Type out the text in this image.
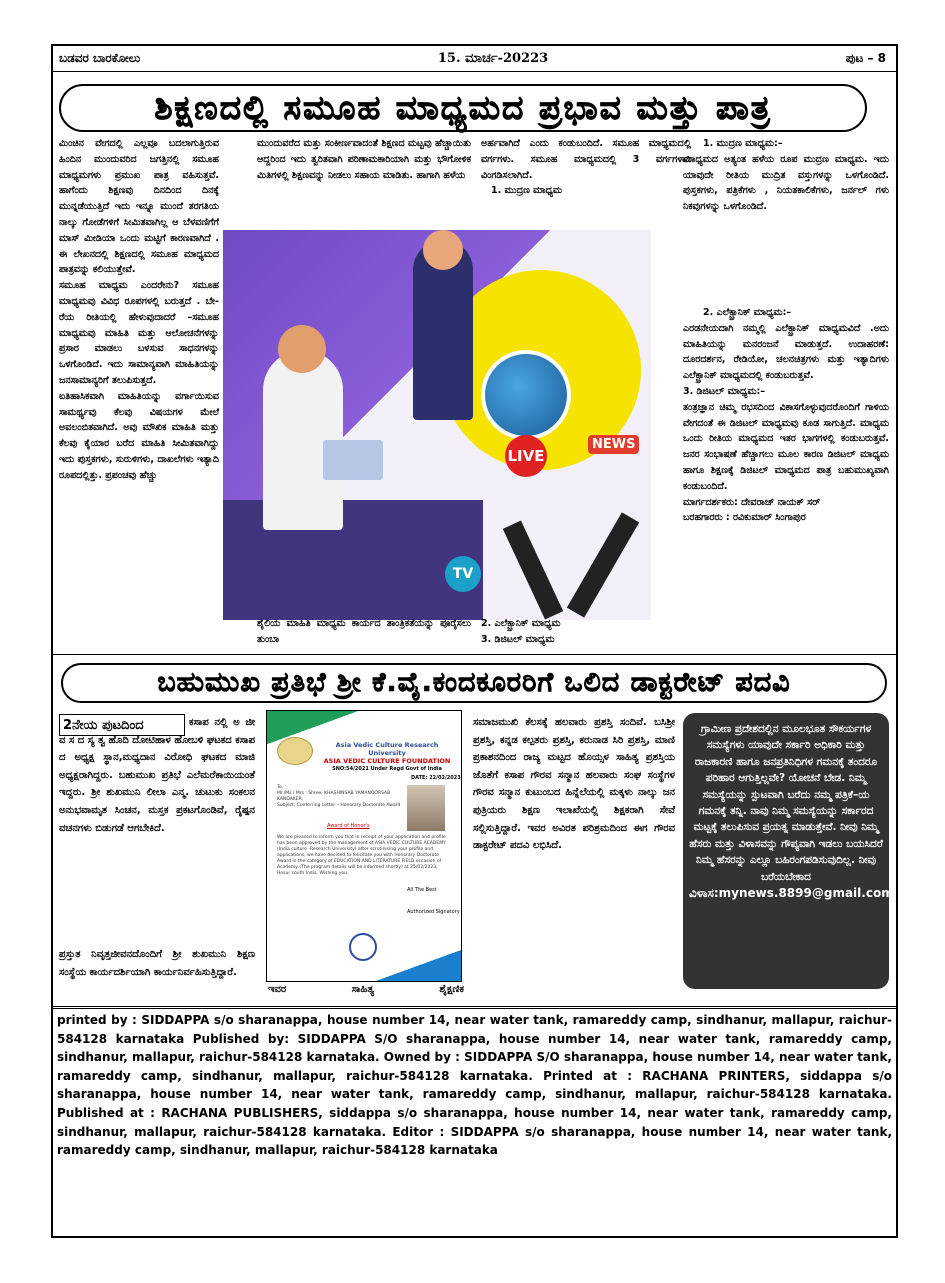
ಬಡವರ ಬಾರಕೋಲು	15. ಮಾರ್ಚ-20223	ಪುಟ – 8
ಶಿಕ್ಷಣದಲ್ಲಿ ಸಮೂಹ ಮಾಧ್ಯಮದ ಪ್ರಭಾವ ಮತ್ತು ಪಾತ್ರ

ಮಿಂಚಿನ ವೇಗದಲ್ಲಿ ಎಲ್ಲವೂ ಬದಲಾಗುತ್ತಿರುವ ಹಿಂದಿನ ಮುಂದುವರಿದ ಜಗತ್ತಿನಲ್ಲಿ ಸಮೂಹ ಮಾಧ್ಯಮಗಳು ಪ್ರಮುಖ ಪಾತ್ರ ವಹಿಸುತ್ತವೆ. ಹಾಗೆಂದು ಶಿಕ್ಷಣವು ದಿನದಿಂದ ದಿನಕ್ಕೆ ಮುನ್ನಡೆಯುತ್ತಿದೆ ಇದು ಇನ್ನೂ ಮುಂದೆ ತರಗತಿಯ ನಾಲ್ಕು ಗೋಡೆಗಳಿಗೆ ಸೀಮಿತವಾಗಿಲ್ಲ ಆ ಬೆಳವಣಿಗೆಗೆ ಮಾಸ್ ಮೀಡಿಯಾ ಒಂದು ಮಟ್ಟಿಗೆ ಕಾರಣವಾಗಿದೆ . ಈ ಲೇಖನದಲ್ಲಿ ಶಿಕ್ಷಣದಲ್ಲಿ ಸಮೂಹ ಮಾಧ್ಯಮದ ಪಾತ್ರವನ್ನು ಕಲಿಯುತ್ತೇವೆ.

ಸಮೂಹ ಮಾಧ್ಯಮ ಎಂದರೇನು? ಸಮೂಹ ಮಾಧ್ಯಮವು ವಿವಿಧ ರೂಪಗಳಲ್ಲಿ ಬರುತ್ತದೆ . ಬೇ-ರೆಯ ರೀತಿಯಲ್ಲಿ ಹೇಳುವುದಾದರೆ –ಸಮೂಹ ಮಾಧ್ಯಮವು ಮಾಹಿತಿ ಮತ್ತು ಆಲೋಚನೆಗಳನ್ನು ಪ್ರಸಾರ ಮಾಡಲು ಬಳಸುವ ಸಾಧನಗಳನ್ನು ಒಳಗೊಂಡಿದೆ. ಇದು ಸಾಮಾನ್ಯವಾಗಿ ಮಾಹಿತಿಯನ್ನು ಜನಸಾಮಾನ್ಯರಿಗೆ ತಲುಪಿಸುತ್ತದೆ.

ಐತಿಹಾಸಿಕವಾಗಿ ಮಾಹಿತಿಯನ್ನು ವರ್ಗಾಯಿಸುವ ಸಾಮರ್ಥ್ಯವು ಕೆಲವು ವಿಷಯಗಳ ಮೇಲೆ ಅವಲಂಬಿತವಾಗಿದೆ. ಅವು ಮೌಖಿಕ ಮಾಹಿತಿ ಮತ್ತು ಕೆಲವು ಕೈಯಾರ ಬರೆದ ಮಾಹಿತಿ ಸೀಮಿತವಾಗಿದ್ದು ಇದು ಪುಸ್ತಕಗಳು, ಸುರುಳಿಗಳು, ದಾಖಲೆಗಳು ಇತ್ಯಾದಿ ರೂಪದಲ್ಲಿತ್ತು. ಪ್ರಪಂಚವು ಹೆಚ್ಚು

ಮುಂದುವರೆದ ಮತ್ತು ಸಂಕೀರ್ಣವಾದಂತೆ ಶಿಕ್ಷಣದ ಮಟ್ಟವು ಹೆಚ್ಚಾಯಿತು ಆದ್ದರಿಂದ ಇದು ತ್ವರಿತವಾಗಿ ಪರಿಣಾಮಕಾರಿಯಾಗಿ ಮತ್ತು ಭೌಗೋಳಿಕ ಮಿತಿಗಳಲ್ಲಿ ಶಿಕ್ಷಣವನ್ನು ನೀಡಲು ಸಹಾಯ ಮಾಡಿತು. ಹಾಗಾಗಿ ಹಳೆಯ

ಅರ್ಹವಾಗಿದೆ ಎಂದು ಕಂಡುಬಂದಿದೆ. ಸಮೂಹ ಮಾಧ್ಯಮದಲ್ಲಿ ವರ್ಗಗಳು. ಸಮೂಹ ಮಾಧ್ಯಮದಲ್ಲಿ 3 ವರ್ಗಗಳಾಗಿ ವಿಂಗಡಿಸಲಾಗಿದೆ.

1. ಮುದ್ರಣ ಮಾಧ್ಯಮ

LIVE
NEWS
TV

ಶೈಲಿಯ ಮಾಹಿತಿ ಮಾಧ್ಯಮ ಕಾರ್ಯದ ತಾಂತ್ರಿಕತೆಯನ್ನು ಪೂರೈಸಲು ತುಂಬಾ

2. ಎಲೆಕ್ಟ್ರಾನಿಕ್ ಮಾಧ್ಯಮ

3. ಡಿಜಿಟಲ್ ಮಾಧ್ಯಮ

1. ಮುದ್ರಣ ಮಾಧ್ಯಮ:–

ಮಾಧ್ಯಮದ ಅತ್ಯಂತ ಹಳೆಯ ರೂಪ ಮುದ್ರಣ ಮಾಧ್ಯಮ. ಇದು ಯಾವುದೇ ರೀತಿಯ ಮುದ್ರಿತ ವಸ್ತುಗಳನ್ನು ಒಳಗೊಂಡಿದೆ. ಪುಸ್ತಕಗಳು, ಪತ್ರಿಕೆಗಳು , ನಿಯತಕಾಲಿಕೆಗಳು, ಜರ್ನಲ್ ಗಳು ನಿಕವುಗಳನ್ನು ಒಳಗೊಂಡಿದೆ.

2. ಎಲೆಕ್ಟ್ರಾನಿಕ್ ಮಾಧ್ಯಮ:–

ಎರಡನೇಯದಾಗಿ ನಮ್ಮಲ್ಲಿ ಎಲೆಕ್ಟ್ರಾನಿಕ್ ಮಾಧ್ಯಮವಿದೆ .ಅದು ಮಾಹಿತಿಯನ್ನು ಮನರಂಜನೆ ಮಾಡುತ್ತದೆ. ಉದಾಹರಣೆ: ದೂರದರ್ಶನ, ರೇಡಿಯೋ, ಚಲನಚಿತ್ರಗಳು ಮತ್ತು ಇತ್ಯಾದಿಗಳು ಎಲೆಕ್ಟ್ರಾನಿಕ್ ಮಾಧ್ಯಮದಲ್ಲಿ ಕಂಡುಬರುತ್ತವೆ.

3. ಡಿಜಿಟಲ್ ಮಾಧ್ಯಮ:–

ತಂತ್ರಜ್ಞಾನ ಚಿಮ್ಮ ರಭಸದಿಂದ ವಿಕಾಸಗೊಳ್ಳುವುದರೊಂದಿಗೆ ಗಾಳಿಯ ವೇಗದಂತೆ ಈ ಡಿಜಿಟಲ್ ಮಾಧ್ಯಮವು ಕೂಡ ಸಾಗುತ್ತಿದೆ. ಮಾಧ್ಯಮ ಒಂದು ರೀತಿಯ ಮಾಧ್ಯಮದ ಇತರ ಭಾಗಗಳಲ್ಲಿ ಕಂಡುಬರುತ್ತವೆ. ಜನರ ಸಂಭಾಷಣೆ ಹೆಚ್ಚಾಗಲು ಮೂಲ ಕಾರಣ ಡಿಜಿಟಲ್ ಮಾಧ್ಯಮ ಹಾಗೂ ಶಿಕ್ಷಣಕ್ಕೆ ಡಿಜಿಟಲ್ ಮಾಧ್ಯಮದ ಪಾತ್ರ ಬಹುಮುಖ್ಯವಾಗಿ ಕಂಡುಬಂದಿದೆ.

ಮಾರ್ಗದರ್ಶಕರು: ದೇವರಾಜ್ ನಾಯಕ್ ಸರ್

ಬರಹಗಾರರು : ರವಿಕುಮಾರ್ ಸಿಂಗಾಪುರ

ಬಹುಮುಖ ಪ್ರತಿಭೆ ಶ್ರೀ ಕೆ.ವೈ.ಕಂದಕೂರರಿಗೆ ಒಲಿದ ಡಾಕ್ಟರೇಟ್ ಪದವಿ
2ನೇಯ ಪುಟದಿಂದ	ಕಸಾಪ ನಲ್ಲಿ ಅ ಜೀ ವ ಸ ದ ಸ್ಯ ತ್ವ ಹೊದಿ ದೋಟಿಹಾಳ ಹೋಬಳಿ ಘಟಕದ ಕಸಾಪ ದ ಅಧ್ಯಕ್ಷ ಸ್ಥಾನ,ಮಧ್ಯದಾನ ವಿರೋಧಿ ಘಟಕದ ಮಾಜಿ ಅಧ್ಯಕ್ಷರಾಗಿದ್ದರು. ಬಹುಮುಖ ಪ್ರತಿಭೆ ಎಲೆಮರೆಕಾಯಿಯಂತೆ ಇದ್ದರು. ಶ್ರೀ ಶುಖಮುನಿ ಲೀಲಾ ಎನ್ಮ. ಚುಟುಕು ಸಂಕಲನ ಅನುಭವಾಮೃತ ಸಿಂಚನ, ಮಸ್ತಕ ಪ್ರಕಟಗೊಂಡಿವೆ, ರೈಷ್ಪನ ವಚನಗಳು ಬಿಡುಗಡೆ ಆಗಬೇಕಿದೆ.

ಪ್ರಸ್ತುತ ನಿವೃತ್ತಜೀವನದೊಂದಿಗೆ ಶ್ರೀ ಶುಖಮುನಿ ಶಿಕ್ಷಣ ಸಂಸ್ಥೆಯ ಕಾರ್ಯದರ್ಶಿಯಾಗಿ ಕಾರ್ಯನಿರ್ವಹಿಸುತ್ತಿದ್ದಾರೆ.

Asia Vedic Culture Research University
ASIA VEDIC CULTURE FOUNDATION
SNO:54/2021 Under Regd Govt of India
DATE: 22/02/2023
To,
Mr./Ms./ Mrs : Shree. KHASHINSAB YAMANOORSAB KANDAKER,
Subject; Conferring Letter – Honorary Doctorate Award
Award of Honor's
We are pleased to inform you that in receipt of your application and profile has been approved by the management of ASIA VEDIC CULTURE ACADEMY (India culture -Research University) after scrutinising your profile and applications, we have decided to felicitate you with Honorary Doctorate Award in the category of EDUCATION AND LITERATURE FIELD occasion of Academy (The program details will be informed shortly) at 25/02/2023, Hosur south India. Wishing you.
All The Best
Authorized Signatory
ಇವರ	ಸಾಹಿತ್ಯ	ಶೈಕ್ಷಣಿಕ

ಸಮಾಜಮುಖಿ ಕೆಲಸಕ್ಕೆ ಹಲವಾರು ಪ್ರಶಸ್ತಿ ಸಂದಿವೆ. ಬಸಿಶ್ರೀ ಪ್ರಶಸ್ತಿ, ಕನ್ನಡ ಕಲ್ಪತರು ಪ್ರಶಸ್ತಿ, ಕರುನಾಡ ಸಿರಿ ಪ್ರಶಸ್ತಿ, ಮಾಣಿ ಪ್ರಕಾಶನದಿಂದ ರಾಜ್ಯ ಮಟ್ಟದ ಹೊಯ್ಸಳ ಸಾಹಿತ್ಯ ಪ್ರಶಸ್ತಿಯ ಜೊತೆಗೆ ಕಸಾಪ ಗೌರವ ಸನ್ಮಾನ ಹಲವಾರು ಸಂಘ ಸಂಸ್ಥೆಗಳ ಗೌರವ ಸನ್ಮಾನ ಕುಟುಂಬದ ಹಿನ್ನೆಲೆಯಲ್ಲಿ ಮಕ್ಕಳು ನಾಲ್ಕು ಜನ ಪುತ್ರಿಯರು ಶಿಕ್ಷಣ ಇಲಾಖೆಯಲ್ಲಿ ಶಿಕ್ಷಕರಾಗಿ ಸೇವೆ ಸಲ್ಲಿಸುತ್ತಿದ್ದಾರೆ. ಇವರ ಅವಿರತ ಪರಿಶ್ರಮದಿಂದ ಈಗ ಗೌರವ ಡಾಕ್ಟರೇಟ್ ಪದವಿ ಲಭಿಸಿದೆ.

ಗ್ರಾಮೀಣ ಪ್ರದೇಶದಲ್ಲಿನ ಮೂಲಭೂತ ಸೌಕರ್ಯಗಳ ಸಮಸ್ಯೆಗಳು ಯಾವುದೇ ಸರ್ಕಾರಿ ಅಧಿಕಾರಿ ಮತ್ತು ರಾಜಕಾರಣಿ ಹಾಗೂ ಜನಪ್ರತಿನಿಧಿಗಳ ಗಮನಕ್ಕೆ ತಂದರೂ ಪರಿಹಾರ ಆಗುತ್ತಿಲ್ಲವೇ? ಯೋಚನೆ ಬೇಡ. ನಿಮ್ಮ ಸಮಸ್ಯೆಯನ್ನು ಸ್ಪುಟವಾಗಿ ಬರೆದು ನಮ್ಮ ಪತ್ರಿಕೆ–ಯ ಗಮನಕ್ಕೆ ತನ್ನಿ. ನಾವು ನಿಮ್ಮ ಸಮಸ್ಯೆಯನ್ನು ಸರ್ಕಾರದ ಮಟ್ಟಕ್ಕೆ ತಲುಪಿಸುವ ಪ್ರಯತ್ನ ಮಾಡುತ್ತೇವೆ. ನೀವು ನಿಮ್ಮ ಹೆಸರು ಮತ್ತು ವಿಳಾಸವನ್ನು ಗೌಪ್ಯವಾಗಿ ಇಡಲು ಬಯಸಿದರೆ ನಿಮ್ಮ ಹೆಸರನ್ನು ಎಲ್ಲೂ ಬಹಿರಂಗಪಡಿಸುವುದಿಲ್ಲ. ನೀವು ಬರೆಯಬೇಕಾದ
ವಿಳಾಸ:mynews.8899@gmail.com
printed by : SIDDAPPA s/o sharanappa, house number 14, near water tank, ramareddy camp, sindhanur, mallapur, raichur-584128 karnataka Published by: SIDDAPPA S/O sharanappa, house number 14, near water tank, ramareddy camp, sindhanur, mallapur, raichur-584128 karnataka. Owned by : SIDDAPPA S/O sharanappa, house number 14, near water tank, ramareddy camp, sindhanur, mallapur, raichur-584128 karnataka. Printed at : RACHANA PRINTERS, siddappa s/o sharanappa, house number 14, near water tank, ramareddy camp, sindhanur, mallapur, raichur-584128 karnataka. Published at : RACHANA PUBLISHERS, siddappa s/o sharanappa, house number 14, near water tank, ramareddy camp, sindhanur, mallapur, raichur-584128 karnataka. Editor : SIDDAPPA s/o sharanappa, house number 14, near water tank, ramareddy camp, sindhanur, mallapur, raichur-584128 karnataka
